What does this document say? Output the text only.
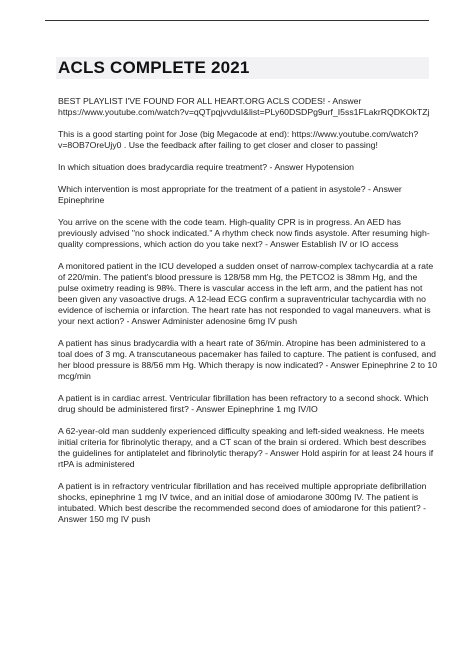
ACLS COMPLETE 2021

BEST PLAYLIST I'VE FOUND FOR ALL HEART.ORG ACLS CODES! - Answer https://www.youtube.com/watch?v=qQTpqjvvduI&list=PLy60DSDPg9urf_I5ss1FLakrRQDKOkTZj

This is a good starting point for Jose (big Megacode at end): https://www.youtube.com/watch?v=8OB7OreUjy0 . Use the feedback after failing to get closer and closer to passing!

In which situation does bradycardia require treatment? - Answer Hypotension

Which intervention is most appropriate for the treatment of a patient in asystole? - Answer Epinephrine

You arrive on the scene with the code team. High-quality CPR is in progress. An AED has previously advised "no shock indicated." A rhythm check now finds asystole. After resuming high-quality compressions, which action do you take next? - Answer Establish IV or IO access

A monitored patient in the ICU developed a sudden onset of narrow-complex tachycardia at a rate of 220/min. The patient's blood pressure is 128/58 mm Hg, the PETCO2 is 38mm Hg, and the pulse oximetry reading is 98%. There is vascular access in the left arm, and the patient has not been given any vasoactive drugs. A 12-lead ECG confirm a supraventricular tachycardia with no evidence of ischemia or infarction. The heart rate has not responded to vagal maneuvers. what is your next action? - Answer Administer adenosine 6mg IV push

A patient has sinus bradycardia with a heart rate of 36/min. Atropine has been administered to a toal does of 3 mg. A transcutaneous pacemaker has failed to capture. The patient is confused, and her blood pressure is 88/56 mm Hg. Which therapy is now indicated? - Answer Epinephrine 2 to 10 mcg/min

A patient is in cardiac arrest. Ventricular fibrillation has been refractory to a second shock. Which drug should be administered first? - Answer Epinephrine 1 mg IV/IO

A 62-year-old man suddenly experienced difficulty speaking and left-sided weakness. He meets initial criteria for fibrinolytic therapy, and a CT scan of the brain si ordered. Which best describes the guidelines for antiplatelet and fibrinolytic therapy? - Answer Hold aspirin for at least 24 hours if rtPA is administered

A patient is in refractory ventricular fibrillation and has received multiple appropriate defibrillation shocks, epinephrine 1 mg IV twice, and an initial dose of amiodarone 300mg IV. The patient is intubated. Which best describe the recommended second does of amiodarone for this patient? - Answer 150 mg IV push
